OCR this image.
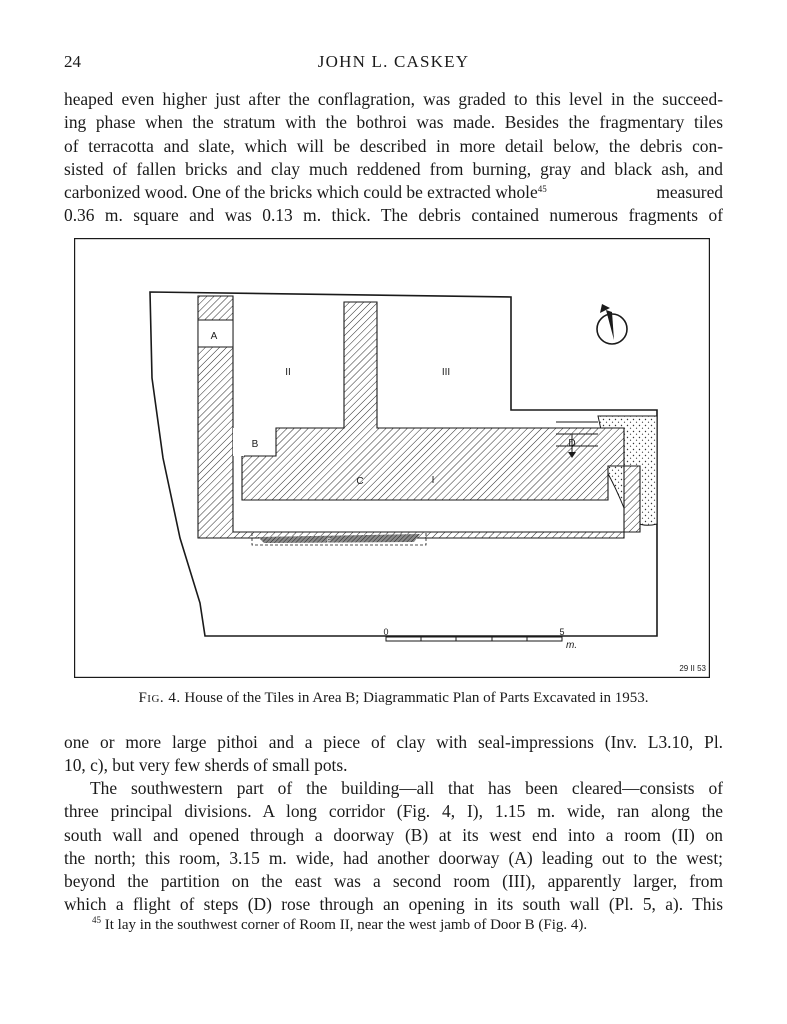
24	JOHN L. CASKEY
heaped even higher just after the conflagration, was graded to this level in the succeed-
ing phase when the stratum with the bothroi was made. Besides the fragmentary tiles
of terracotta and slate, which will be described in more detail below, the debris con-
sisted of fallen bricks and clay much reddened from burning, gray and black ash, and
carbonized wood. One of the bricks which could be extracted whole$^{45}$	measured
0.36 m. square and was 0.13 m. thick. The debris contained numerous fragments of
A
II	III
B
C	I
D
E
0	5
m.
29 II 53
Fig. 4. House of the Tiles in Area B; Diagrammatic Plan of Parts Excavated in 1953.
one or more large pithoi and a piece of clay with seal-impressions (Inv. L3.10, Pl.
10, c), but very few sherds of small pots.
The southwestern part of the building—all that has been cleared—consists of
three principal divisions. A long corridor (Fig. 4, I), 1.15 m. wide, ran along the
south wall and opened through a doorway (B) at its west end into a room (II) on
the north; this room, 3.15 m. wide, had another doorway (A) leading out to the west;
beyond the partition on the east was a second room (III), apparently larger, from
which a flight of steps (D) rose through an opening in its south wall (Pl. 5, a). This
$^{45}$ It lay in the southwest corner of Room II, near the west jamb of Door B (Fig. 4).
